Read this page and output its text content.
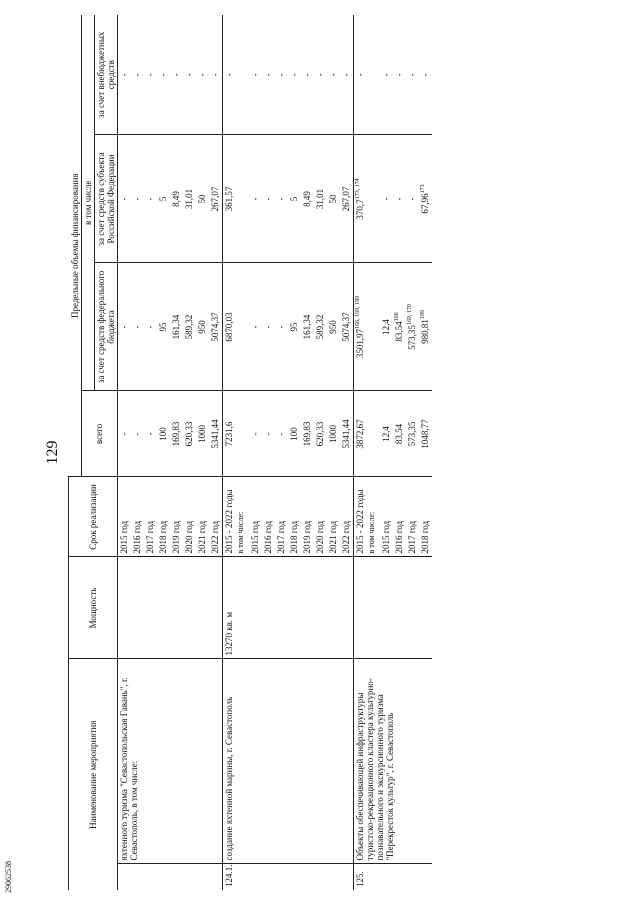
29062538
129
Наименование мероприятия		Мощность	Срок реализации	Предельные объемы финансирования			
				всего	в том числе		
					за счет средств федерального бюджета	за счет средств субъекта Российской Федерации	за счет внебюджетных средств
	яхтенного туризма "Севастопольская Гавань", г. Севастополь, в том числе:		2015 год	-	-	-	-
			2016 год	-	-	-	-
			2017 год	-	-	-	-
			2018 год	100	95	5	-
			2019 год	169,83	161,34	8,49	-
			2020 год	620,33	589,32	31,01	-
			2021 год	1000	950	50	-
			2022 год	5341,44	5074,37	267,07	-
124.1.	создание яхтенной марины, г. Севастополь	13270 кв. м	2015 - 2022 годы	7231,6	6870,03	361,57	-
			в том числе:				
			2015 год	-	-	-	-
			2016 год	-	-	-	-
			2017 год	-	-	-	-
			2018 год	100	95	5	-
			2019 год	169,83	161,34	8,49	-
			2020 год	620,33	589,32	31,01	-
			2021 год	1000	950	50	-
			2022 год	5341,44	5074,37	267,07	-
125.	Объекты обеспечивающей инфраструктуры туристско-рекреационного кластера культурно-познавательного и экскурсионного туризма "Перекресток культур", г. Севастополь		2015 - 2022 годы	3872,67	3501,97$^{166, 169, 189}$	370,7$^{173, 174}$	-
			в том числе:				
			2015 год	12,4	12,4	-	-
			2016 год	83,54	83,54$^{166}$	-	-
			2017 год	573,35	573,35$^{169, 170}$	-	-
			2018 год	1048,77	980,81$^{189}$	67,96$^{173}$	-
